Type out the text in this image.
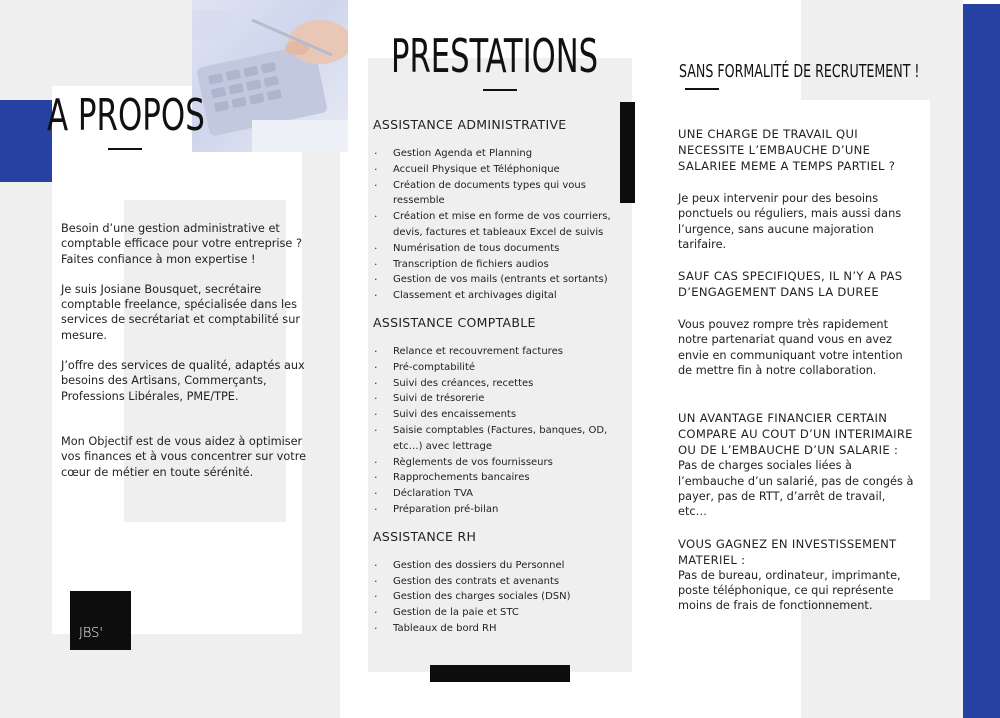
A PROPOS

Besoin d’une gestion administrative et comptable efficace pour votre entreprise ? Faites confiance à mon expertise !

Je suis Josiane Bousquet, secrétaire comptable freelance, spécialisée dans les services de secrétariat et comptabilité sur mesure.

J’offre des services de qualité, adaptés aux besoins des Artisans, Commerçants, Professions Libérales, PME/TPE.

Mon Objectif est de vous aidez à optimiser vos finances et à vous concentrer sur votre cœur de métier en toute sérénité.

JBS'
PRESTATIONS
ASSISTANCE ADMINISTRATIVE
· Gestion Agenda et Planning
· Accueil Physique et Téléphonique
· Création de documents types qui vous ressemble
· Création et mise en forme de vos courriers, devis, factures et tableaux Excel de suivis
· Numérisation de tous documents
· Transcription de fichiers audios
· Gestion de vos mails (entrants et sortants)
· Classement et archivages digital
ASSISTANCE COMPTABLE
· Relance et recouvrement factures
· Pré-comptabilité
· Suivi des créances, recettes
· Suivi de trésorerie
· Suivi des encaissements
· Saisie comptables (Factures, banques, OD, etc…) avec lettrage
· Règlements de vos fournisseurs
· Rapprochements bancaires
· Déclaration TVA
· Préparation pré-bilan
ASSISTANCE RH
· Gestion des dossiers du Personnel
· Gestion des contrats et avenants
· Gestion des charges sociales (DSN)
· Gestion de la paie et STC
· Tableaux de bord RH
SANS FORMALITÉ DE RECRUTEMENT !

UNE CHARGE DE TRAVAIL QUI NECESSITE L’EMBAUCHE D’UNE SALARIEE MEME A TEMPS PARTIEL ?

Je peux intervenir pour des besoins ponctuels ou réguliers, mais aussi dans l’urgence, sans aucune majoration tarifaire.

SAUF CAS SPECIFIQUES, IL N’Y A PAS D’ENGAGEMENT DANS LA DUREE

Vous pouvez rompre très rapidement notre partenariat quand vous en avez envie en communiquant votre intention de mettre fin à notre collaboration.

UN AVANTAGE FINANCIER CERTAIN COMPARE AU COUT D’UN INTERIMAIRE OU DE L’EMBAUCHE D’UN SALARIE :

Pas de charges sociales liées à l’embauche d’un salarié, pas de congés à payer, pas de RTT, d’arrêt de travail, etc…

VOUS GAGNEZ EN INVESTISSEMENT MATERIEL :

Pas de bureau, ordinateur, imprimante, poste téléphonique, ce qui représente moins de frais de fonctionnement.
